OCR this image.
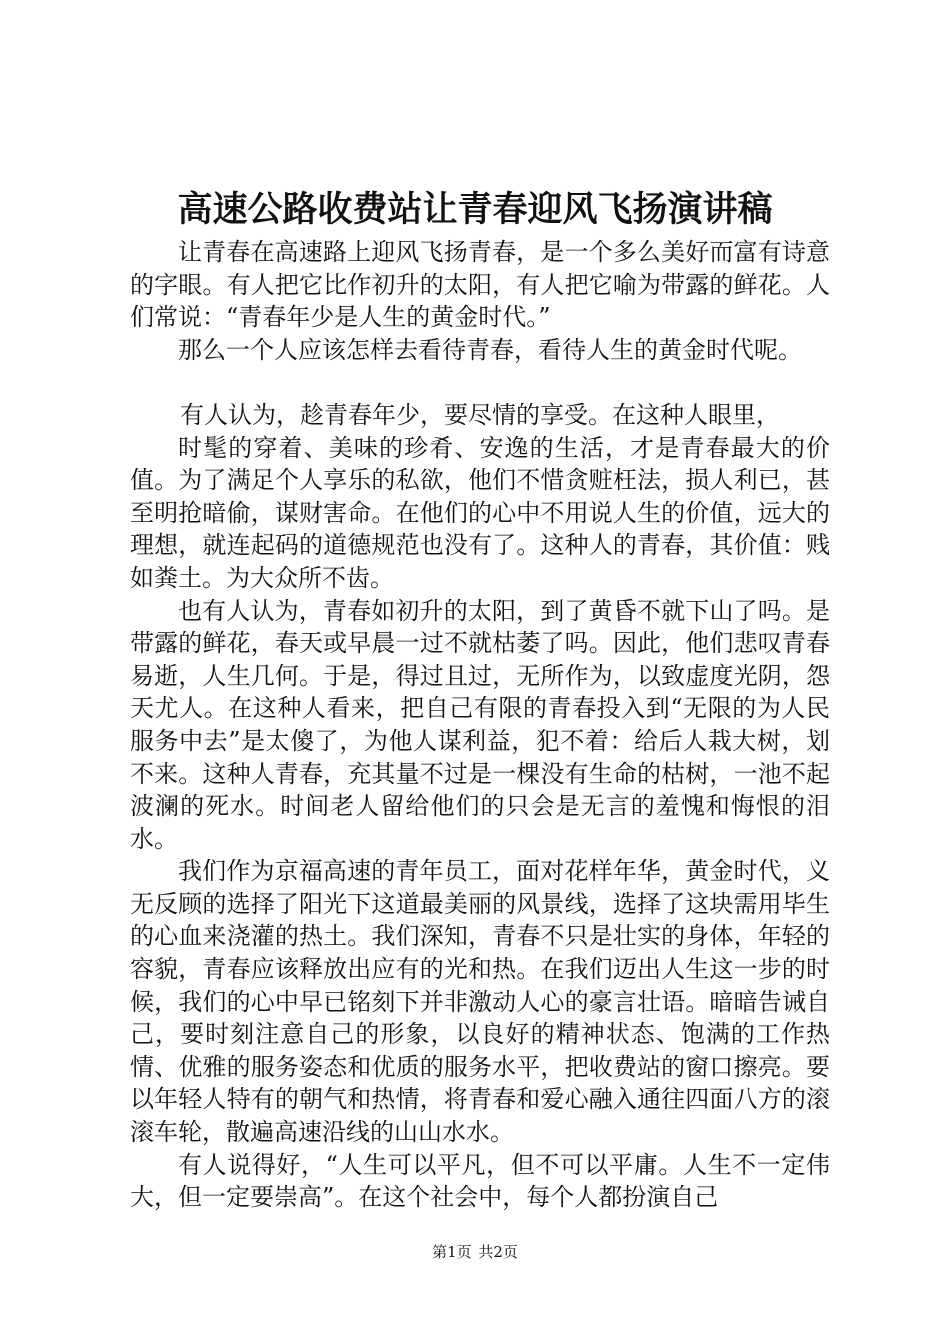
高速公路收费站让青春迎风飞扬演讲稿

让青春在高速路上迎风飞扬青春，是一个多么美好而富有诗意的字眼。有人把它比作初升的太阳，有人把它喻为带露的鲜花。人们常说：“青春年少是人生的黄金时代。”

那么一个人应该怎样去看待青春，看待人生的黄金时代呢。

有人认为，趁青春年少，要尽情的享受。在这种人眼里，

时髦的穿着、美味的珍肴、安逸的生活，才是青春最大的价值。为了满足个人享乐的私欲，他们不惜贪赃枉法，损人利已，甚至明抢暗偷，谋财害命。在他们的心中不用说人生的价值，远大的理想，就连起码的道德规范也没有了。这种人的青春，其价值：贱如粪土。为大众所不齿。

也有人认为，青春如初升的太阳，到了黄昏不就下山了吗。是带露的鲜花，春天或早晨一过不就枯萎了吗。因此，他们悲叹青春易逝，人生几何。于是，得过且过，无所作为，以致虚度光阴，怨天尤人。在这种人看来，把自己有限的青春投入到“无限的为人民服务中去”是太傻了，为他人谋利益，犯不着：给后人栽大树，划不来。这种人青春，充其量不过是一棵没有生命的枯树，一池不起波澜的死水。时间老人留给他们的只会是无言的羞愧和悔恨的泪水。

我们作为京福高速的青年员工，面对花样年华，黄金时代，义无反顾的选择了阳光下这道最美丽的风景线，选择了这块需用毕生的心血来浇灌的热土。我们深知，青春不只是壮实的身体，年轻的容貌，青春应该释放出应有的光和热。在我们迈出人生这一步的时候，我们的心中早已铭刻下并非激动人心的豪言壮语。暗暗告诫自己，要时刻注意自己的形象，以良好的精神状态、饱满的工作热情、优雅的服务姿态和优质的服务水平，把收费站的窗口擦亮。要以年轻人特有的朝气和热情，将青春和爱心融入通往四面八方的滚滚车轮，散遍高速沿线的山山水水。

有人说得好，“人生可以平凡，但不可以平庸。人生不一定伟大，但一定要崇高”。在这个社会中，每个人都扮演自己

第1页 共2页
